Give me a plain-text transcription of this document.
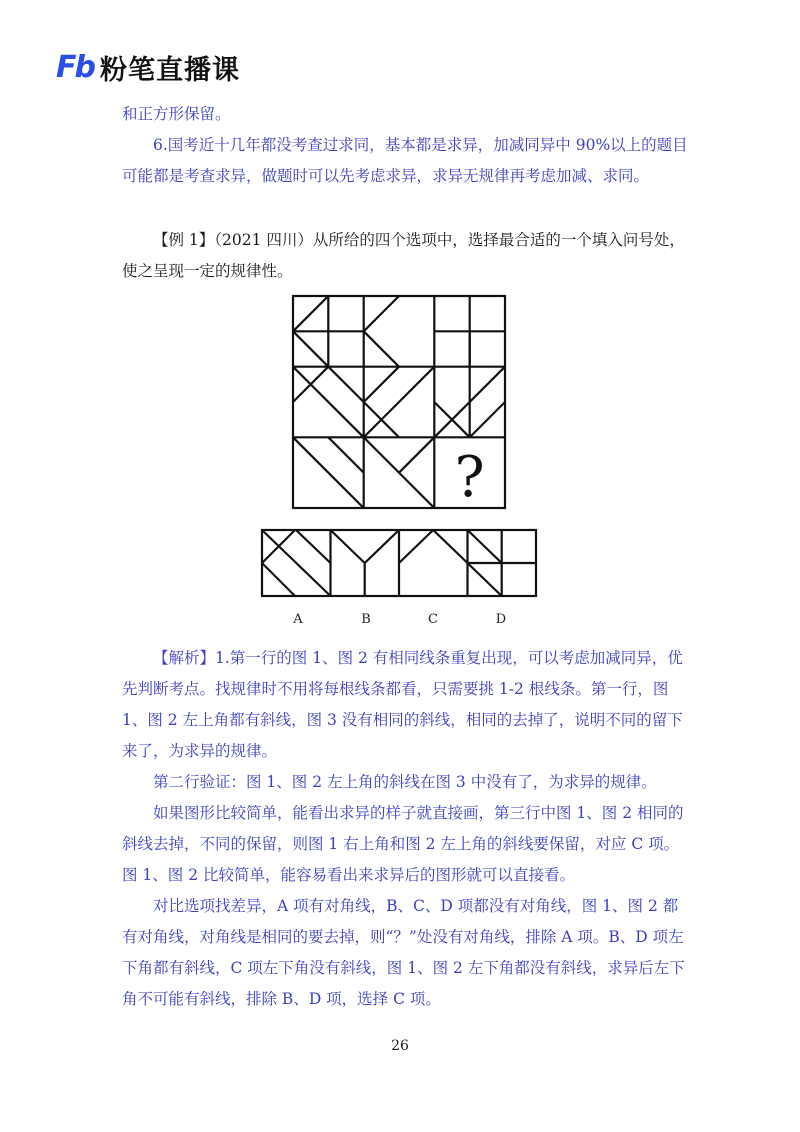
Fb 粉笔直播课

和正方形保留。

6.国考近十几年都没考查过求同，基本都是求异，加减同异中 90%以上的题目可能都是考查求异，做题时可以先考虑求异，求异无规律再考虑加减、求同。

【例 1】（2021 四川）从所给的四个选项中，选择最合适的一个填入问号处，使之呈现一定的规律性。

?
A	B	C	D

【解析】1.第一行的图 1、图 2 有相同线条重复出现，可以考虑加减同异，优先判断考点。找规律时不用将每根线条都看，只需要挑 1-2 根线条。第一行，图 1、图 2 左上角都有斜线，图 3 没有相同的斜线，相同的去掉了，说明不同的留下来了，为求异的规律。

第二行验证：图 1、图 2 左上角的斜线在图 3 中没有了，为求异的规律。

如果图形比较简单，能看出求异的样子就直接画，第三行中图 1、图 2 相同的斜线去掉，不同的保留，则图 1 右上角和图 2 左上角的斜线要保留，对应 C 项。图 1、图 2 比较简单，能容易看出来求异后的图形就可以直接看。

对比选项找差异，A 项有对角线，B、C、D 项都没有对角线，图 1、图 2 都有对角线，对角线是相同的要去掉，则“？”处没有对角线，排除 A 项。B、D 项左下角都有斜线，C 项左下角没有斜线，图 1、图 2 左下角都没有斜线，求异后左下角不可能有斜线，排除 B、D 项，选择 C 项。

26
